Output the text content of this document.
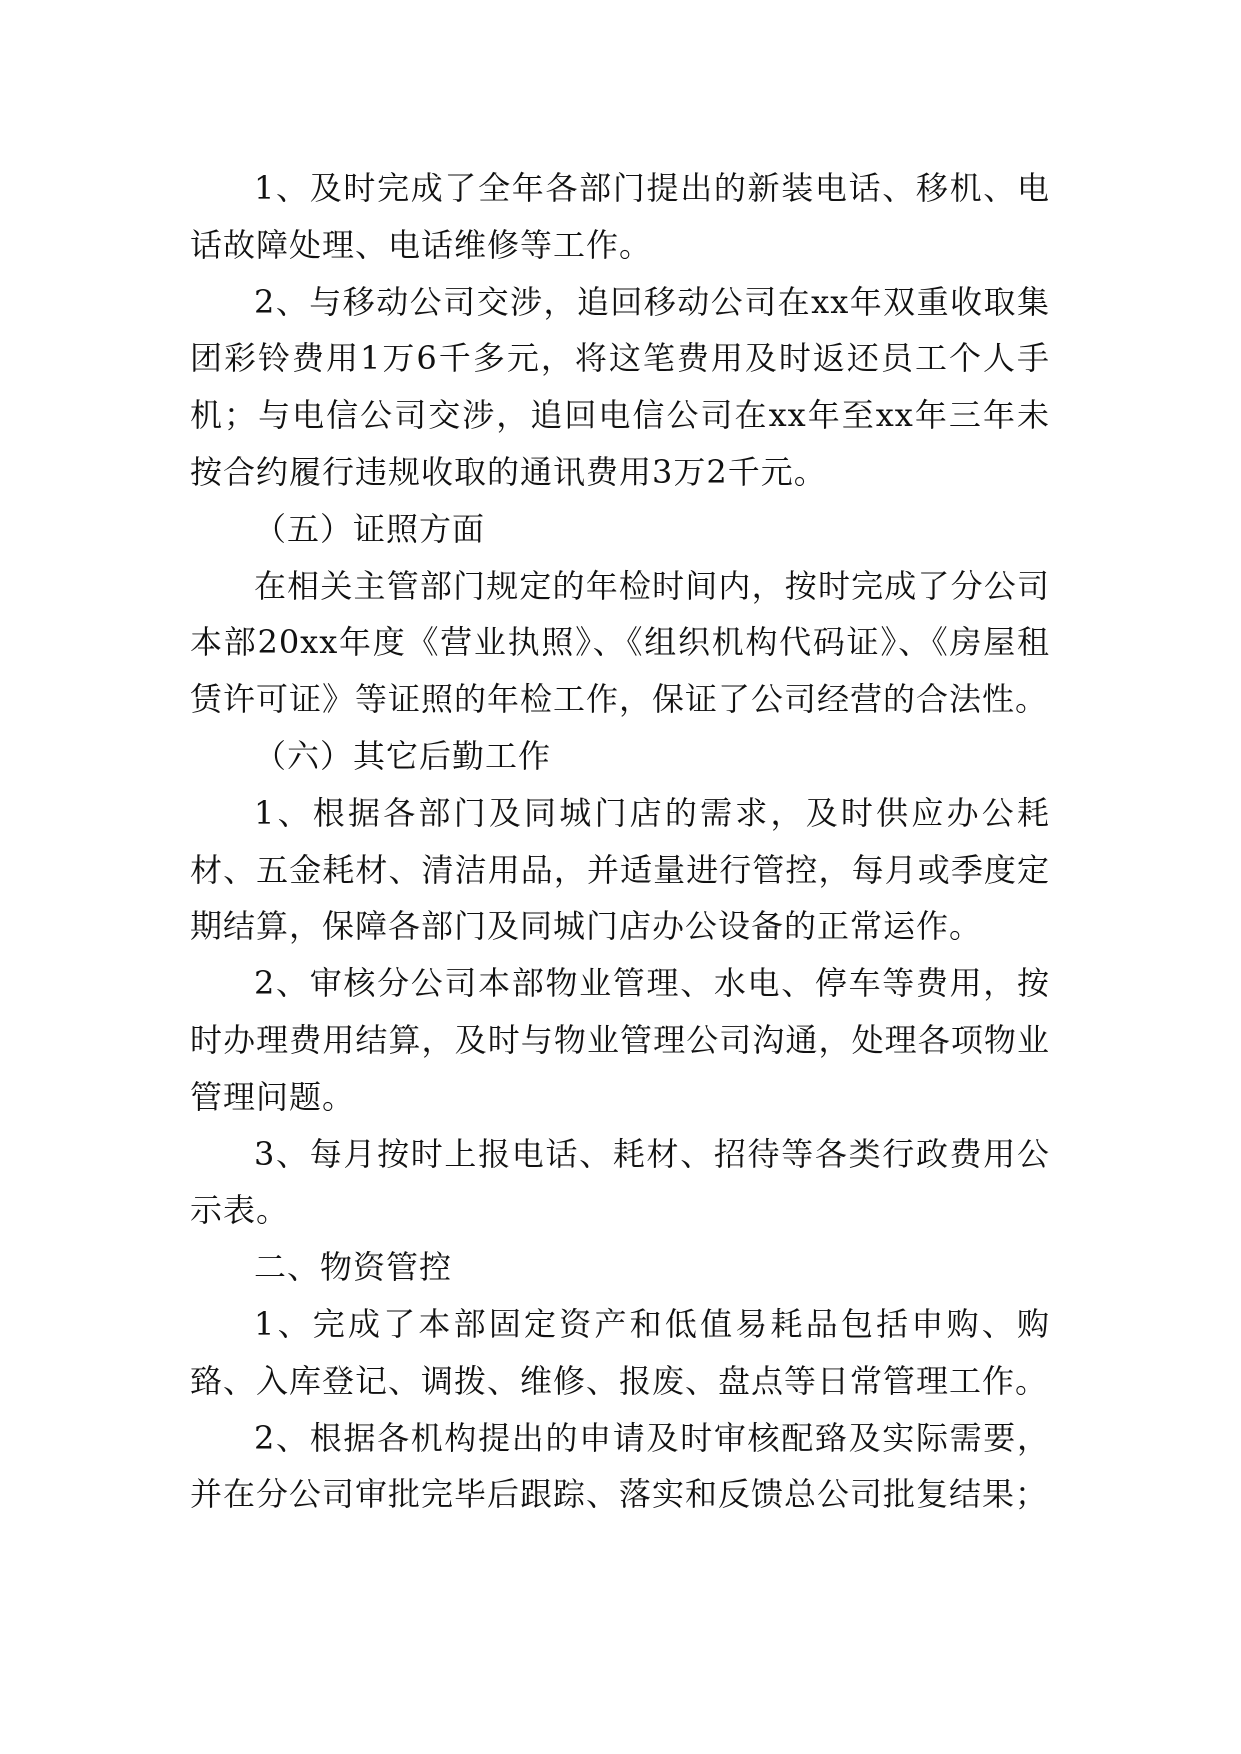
1、及时完成了全年各部门提出的新装电话、移机、电话故障处理、电话维修等工作。

2、与移动公司交涉，追回移动公司在xx年双重收取集团彩铃费用1万6千多元，将这笔费用及时返还员工个人手机；与电信公司交涉，追回电信公司在xx年至xx年三年未按合约履行违规收取的通讯费用3万2千元。

（五）证照方面

在相关主管部门规定的年检时间内，按时完成了分公司本部20xx年度《营业执照》、《组织机构代码证》、《房屋租赁许可证》等证照的年检工作，保证了公司经营的合法性。

（六）其它后勤工作

1、根据各部门及同城门店的需求，及时供应办公耗材、五金耗材、清洁用品，并适量进行管控，每月或季度定期结算，保障各部门及同城门店办公设备的正常运作。

2、审核分公司本部物业管理、水电、停车等费用，按时办理费用结算，及时与物业管理公司沟通，处理各项物业管理问题。

3、每月按时上报电话、耗材、招待等各类行政费用公示表。

二、物资管控

1、完成了本部固定资产和低值易耗品包括申购、购臵、入库登记、调拨、维修、报废、盘点等日常管理工作。

2、根据各机构提出的申请及时审核配臵及实际需要，并在分公司审批完毕后跟踪、落实和反馈总公司批复结果；
